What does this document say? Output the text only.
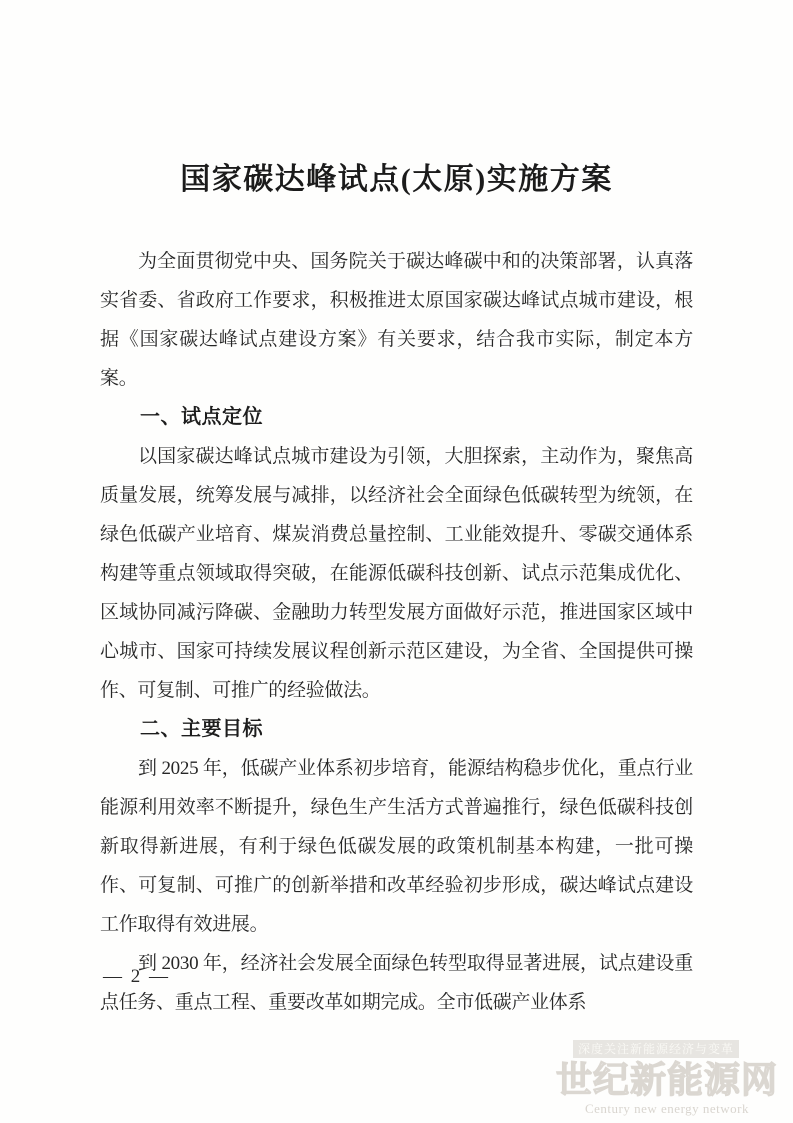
国家碳达峰试点(太原)实施方案

为全面贯彻党中央、国务院关于碳达峰碳中和的决策部署，认真落实省委、省政府工作要求，积极推进太原国家碳达峰试点城市建设，根据《国家碳达峰试点建设方案》有关要求，结合我市实际，制定本方案。

一、试点定位

以国家碳达峰试点城市建设为引领，大胆探索，主动作为，聚焦高质量发展，统筹发展与减排，以经济社会全面绿色低碳转型为统领，在绿色低碳产业培育、煤炭消费总量控制、工业能效提升、零碳交通体系构建等重点领域取得突破，在能源低碳科技创新、试点示范集成优化、区域协同减污降碳、金融助力转型发展方面做好示范，推进国家区域中心城市、国家可持续发展议程创新示范区建设，为全省、全国提供可操作、可复制、可推广的经验做法。

二、主要目标

到 2025 年，低碳产业体系初步培育，能源结构稳步优化，重点行业能源利用效率不断提升，绿色生产生活方式普遍推行，绿色低碳科技创新取得新进展，有利于绿色低碳发展的政策机制基本构建，一批可操作、可复制、可推广的创新举措和改革经验初步形成，碳达峰试点建设工作取得有效进展。

到 2030 年，经济社会发展全面绿色转型取得显著进展，试点建设重点任务、重点工程、重要改革如期完成。全市低碳产业体系

— 2 —
深度关注新能源经济与变革
世纪新能源网
Century new energy network
